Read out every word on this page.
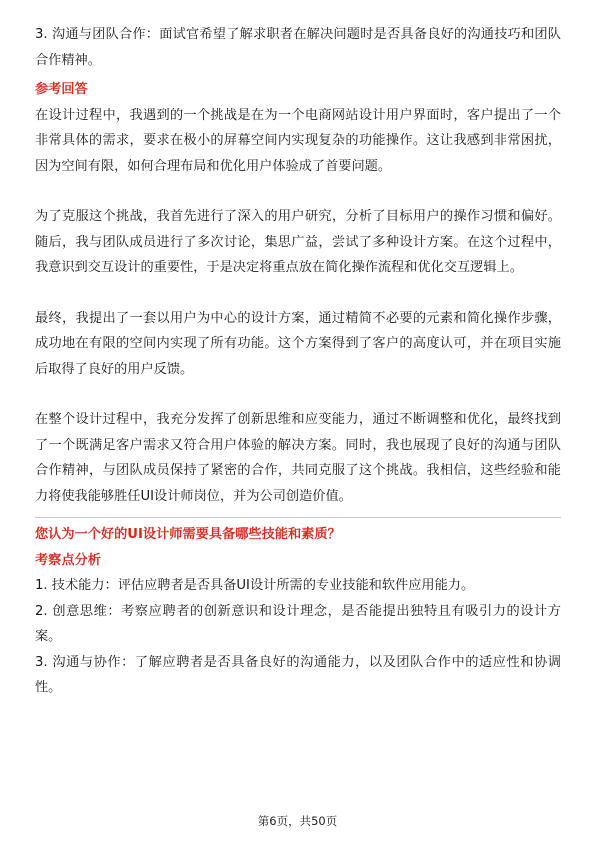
3. 沟通与团队合作：面试官希望了解求职者在解决问题时是否具备良好的沟通技巧和团队合作精神。

参考回答

在设计过程中，我遇到的一个挑战是在为一个电商网站设计用户界面时，客户提出了一个非常具体的需求，要求在极小的屏幕空间内实现复杂的功能操作。这让我感到非常困扰，因为空间有限，如何合理布局和优化用户体验成了首要问题。

为了克服这个挑战，我首先进行了深入的用户研究，分析了目标用户的操作习惯和偏好。随后，我与团队成员进行了多次讨论，集思广益，尝试了多种设计方案。在这个过程中，我意识到交互设计的重要性，于是决定将重点放在简化操作流程和优化交互逻辑上。

最终，我提出了一套以用户为中心的设计方案，通过精简不必要的元素和简化操作步骤，成功地在有限的空间内实现了所有功能。这个方案得到了客户的高度认可，并在项目实施后取得了良好的用户反馈。

在整个设计过程中，我充分发挥了创新思维和应变能力，通过不断调整和优化，最终找到了一个既满足客户需求又符合用户体验的解决方案。同时，我也展现了良好的沟通与团队合作精神，与团队成员保持了紧密的合作，共同克服了这个挑战。我相信，这些经验和能力将使我能够胜任UI设计师岗位，并为公司创造价值。

您认为一个好的UI设计师需要具备哪些技能和素质？

考察点分析

1. 技术能力：评估应聘者是否具备UI设计所需的专业技能和软件应用能力。

2. 创意思维：考察应聘者的创新意识和设计理念，是否能提出独特且有吸引力的设计方案。

3. 沟通与协作：了解应聘者是否具备良好的沟通能力，以及团队合作中的适应性和协调性。

第6页，共50页
